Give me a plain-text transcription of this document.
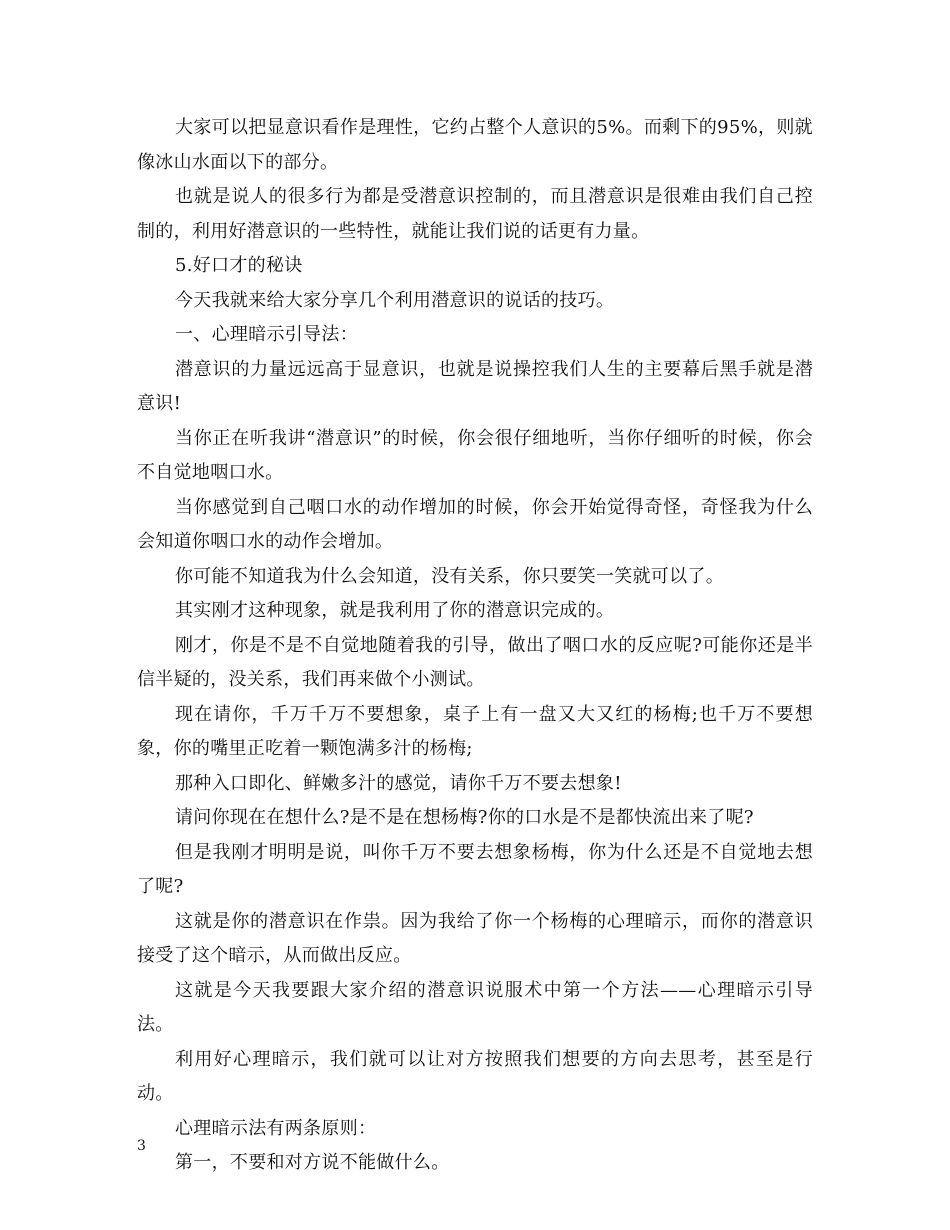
大家可以把显意识看作是理性，它约占整个人意识的5%。而剩下的95%，则就像冰山水面以下的部分。

也就是说人的很多行为都是受潜意识控制的，而且潜意识是很难由我们自己控制的，利用好潜意识的一些特性，就能让我们说的话更有力量。

5.好口才的秘诀

今天我就来给大家分享几个利用潜意识的说话的技巧。

一、心理暗示引导法：

潜意识的力量远远高于显意识，也就是说操控我们人生的主要幕后黑手就是潜意识!

当你正在听我讲“潜意识”的时候，你会很仔细地听，当你仔细听的时候，你会不自觉地咽口水。

当你感觉到自己咽口水的动作增加的时候，你会开始觉得奇怪，奇怪我为什么会知道你咽口水的动作会增加。

你可能不知道我为什么会知道，没有关系，你只要笑一笑就可以了。

其实刚才这种现象，就是我利用了你的潜意识完成的。

刚才，你是不是不自觉地随着我的引导，做出了咽口水的反应呢?可能你还是半信半疑的，没关系，我们再来做个小测试。

现在请你，千万千万不要想象，桌子上有一盘又大又红的杨梅;也千万不要想象，你的嘴里正吃着一颗饱满多汁的杨梅;

那种入口即化、鲜嫩多汁的感觉，请你千万不要去想象!

请问你现在在想什么?是不是在想杨梅?你的口水是不是都快流出来了呢?

但是我刚才明明是说，叫你千万不要去想象杨梅，你为什么还是不自觉地去想了呢?

这就是你的潜意识在作祟。因为我给了你一个杨梅的心理暗示，而你的潜意识接受了这个暗示，从而做出反应。

这就是今天我要跟大家介绍的潜意识说服术中第一个方法——心理暗示引导法。

利用好心理暗示，我们就可以让对方按照我们想要的方向去思考，甚至是行动。

心理暗示法有两条原则：

第一，不要和对方说不能做什么。

3
